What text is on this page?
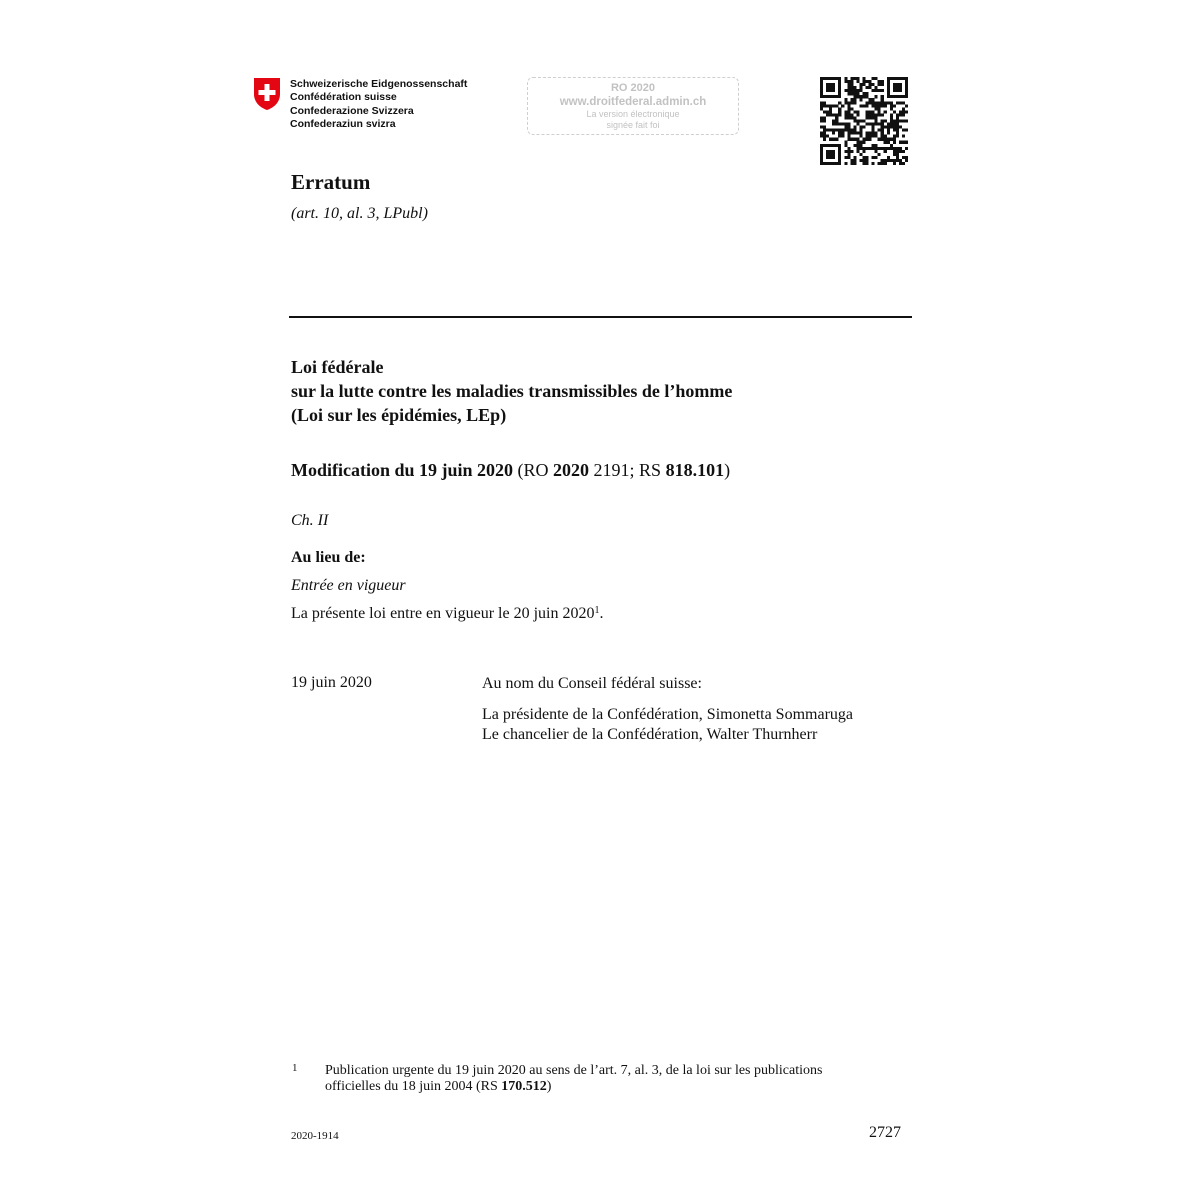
Schweizerische Eidgenossenschaft
Confédération suisse
Confederazione Svizzera
Confederaziun svizra
RO 2020
www.droitfederal.admin.ch
La version électronique
signée fait foi
Erratum
(art. 10, al. 3, LPubl)
Loi fédérale
sur la lutte contre les maladies transmissibles de l’homme
(Loi sur les épidémies, LEp)
Modification du 19 juin 2020 (RO 2020 2191; RS 818.101)
Ch. II
Au lieu de:
Entrée en vigueur
La présente loi entre en vigueur le 20 juin 2020$^1$.
19 juin 2020	Au nom du Conseil fédéral suisse:
La présidente de la Confédération, Simonetta Sommaruga
Le chancelier de la Confédération, Walter Thurnherr
1 Publication urgente du 19 juin 2020 au sens de l’art. 7, al. 3, de la loi sur les publications
officielles du 18 juin 2004 (RS 170.512)
2020-1914	2727
